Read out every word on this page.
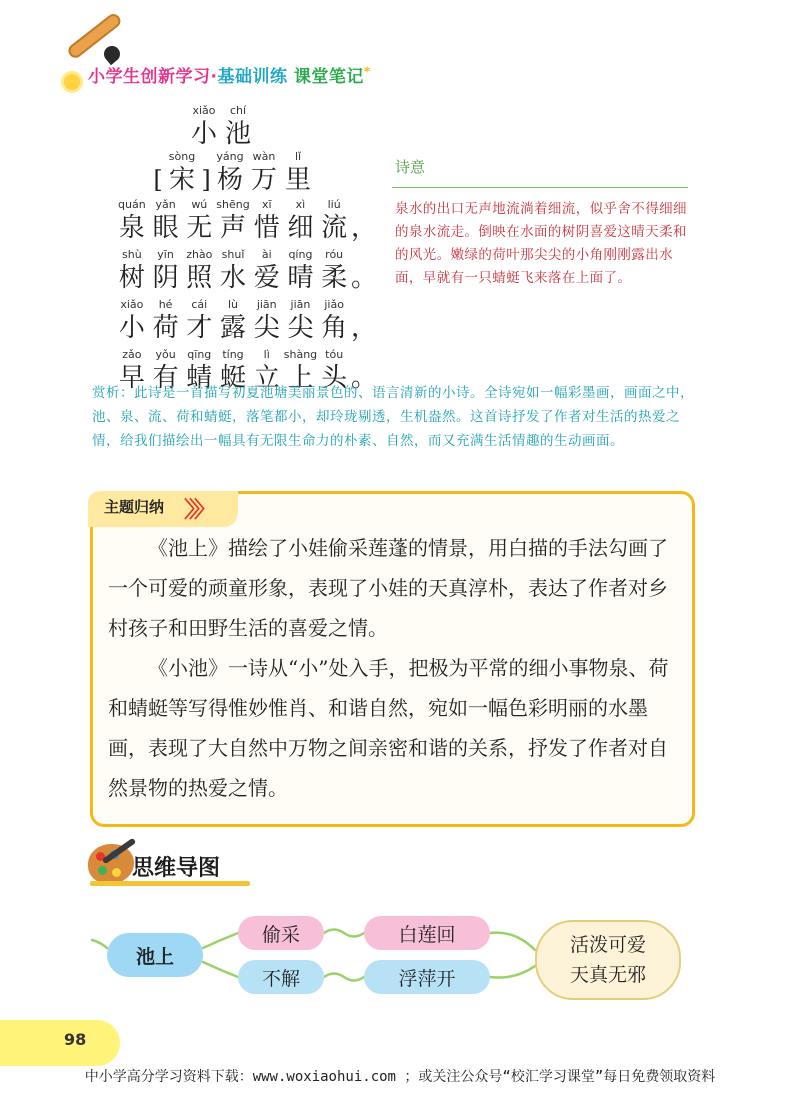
小学生创新学习·基础训练 课堂笔记*
xiǎo
小
chí
池
[
sòng
宋 ]
yáng
杨
wàn
万
lǐ
里
quán
泉
yǎn
眼
wú
无
shēng
声
xī
惜
xì
细
liú
流 ，
shù
树
yīn
阴
zhào
照
shuǐ
水
ài
爱
qíng
晴
róu
柔 。
xiǎo
小
hé
荷
cái
才
lù
露
jiān
尖
jiān
尖
jiǎo
角 ，
zǎo
早
yǒu
有
qīng
蜻
tíng
蜓
lì
立
shàng
上
tóu
头 。
诗意
泉水的出口无声地流淌着细流，似乎舍不得细细的泉水流走。倒映在水面的树阴喜爱这晴天柔和的风光。嫩绿的荷叶那尖尖的小角刚刚露出水面，早就有一只蜻蜓飞来落在上面了。
赏析：此诗是一首描写初夏池塘美丽景色的、语言清新的小诗。全诗宛如一幅彩墨画，画面之中，池、泉、流、荷和蜻蜓，落笔都小，却玲珑剔透，生机盎然。这首诗抒发了作者对生活的热爱之情，给我们描绘出一幅具有无限生命力的朴素、自然，而又充满生活情趣的生动画面。
主题归纳 〉〉〉
《池上》描绘了小娃偷采莲蓬的情景，用白描的手法勾画了一个可爱的顽童形象，表现了小娃的天真淳朴，表达了作者对乡村孩子和田野生活的喜爱之情。
《小池》一诗从“小”处入手，把极为平常的细小事物泉、荷和蜻蜓等写得惟妙惟肖、和谐自然，宛如一幅色彩明丽的水墨画，表现了大自然中万物之间亲密和谐的关系，抒发了作者对自然景物的热爱之情。
思维导图
池上
偷采
不解
白莲回
浮萍开
活泼可爱
天真无邪
98
中小学高分学习资料下载：www.woxiaohui.com ；或关注公众号“校汇学习课堂”每日免费领取资料
